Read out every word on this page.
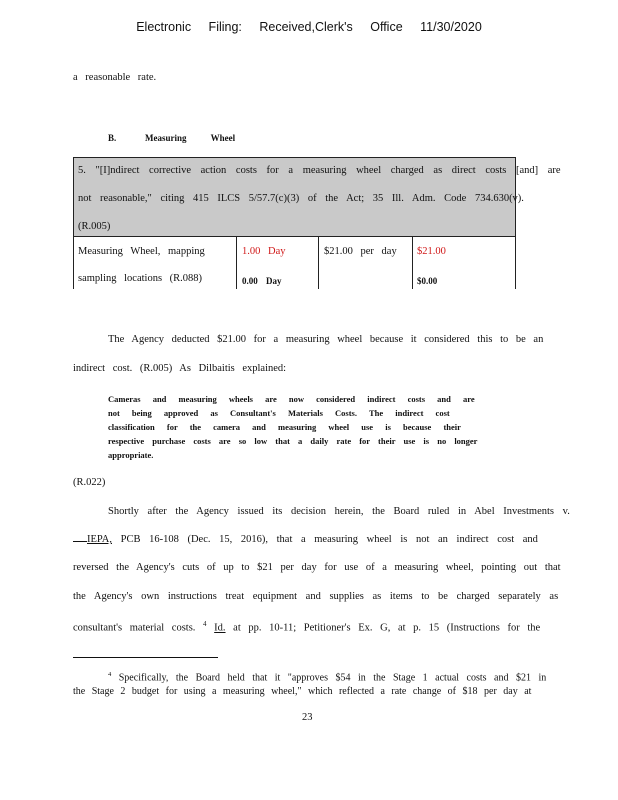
Electronic Filing: Received,Clerk's Office 11/30/2020
a reasonable rate.
B.	Measuring Wheel
5. "[I]ndirect corrective action costs for a measuring wheel charged as direct costs [and] are
not reasonable," citing 415 ILCS 5/57.7(c)(3) of the Act; 35 Ill. Adm. Code 734.630(v).
(R.005)
Measuring Wheel, mapping
sampling locations (R.088)
1.00 Day
0.00 Day
$21.00 per day $21.00
$0.00
The Agency deducted $21.00 for a measuring wheel because it considered this to be an
indirect cost. (R.005) As Dilbaitis explained:
Cameras and measuring wheels are now considered indirect costs and are
not being approved as Consultant's Materials Costs. The indirect cost
classification for the camera and measuring wheel use is because their
respective purchase costs are so low that a daily rate for their use is no longer
appropriate.
(R.022)
Shortly after the Agency issued its decision herein, the Board ruled in Abel Investments v.
IEPA, PCB 16-108 (Dec. 15, 2016), that a measuring wheel is not an indirect cost and
reversed the Agency's cuts of up to $21 per day for use of a measuring wheel, pointing out that
the Agency's own instructions treat equipment and supplies as items to be charged separately as
consultant's material costs. $^4$ Id. at pp. 10-11; Petitioner's Ex. G, at p. 15 (Instructions for the
$^4$ Specifically, the Board held that it "approves $54 in the Stage 1 actual costs and $21 in
the Stage 2 budget for using a measuring wheel," which reflected a rate change of $18 per day at
23
